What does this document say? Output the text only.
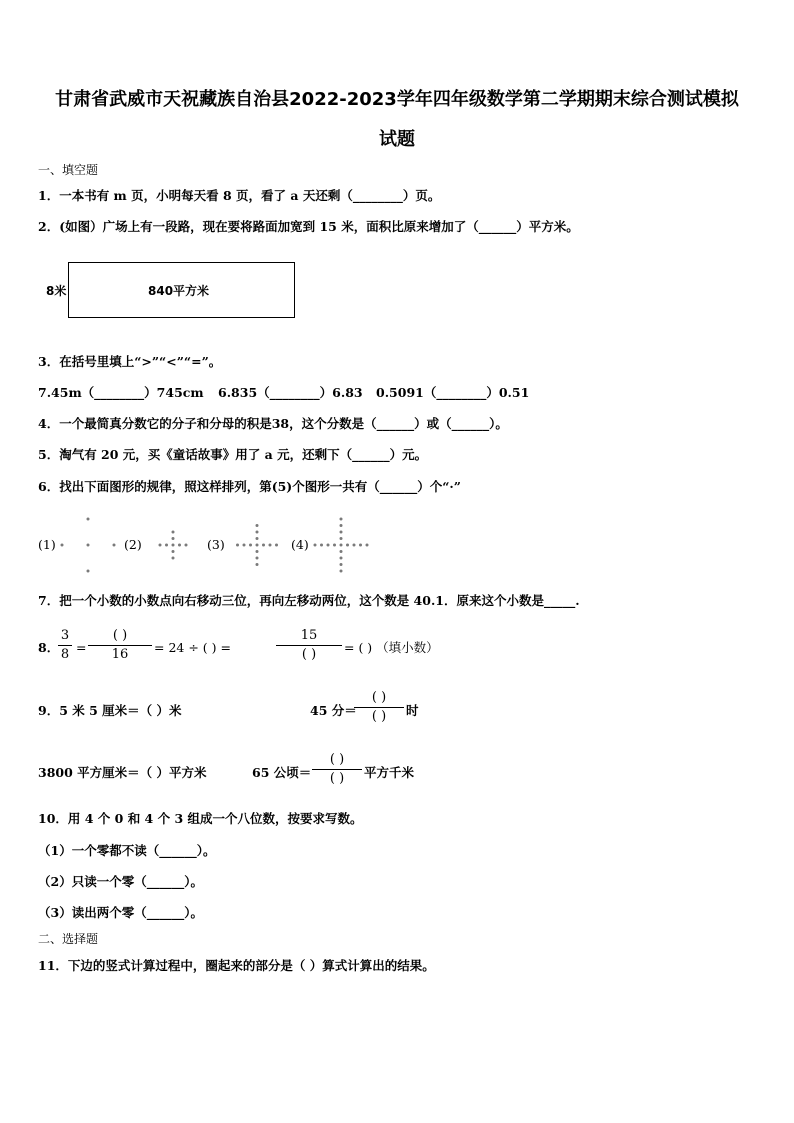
甘肃省武威市天祝藏族自治县2022-2023学年四年级数学第二学期期末综合测试模拟
试题
一、填空题
1．一本书有 m 页，小明每天看 8 页，看了 a 天还剩（________）页。
2．(如图）广场上有一段路，现在要将路面加宽到 15 米，面积比原来增加了（______）平方米。
8米	840平方米
3．在括号里填上“>”“<”“=”。
7.45m（________）745cm 6.835（________）6.83 0.5091（________）0.51
4．一个最简真分数它的分子和分母的积是38，这个分数是（______）或（______）。
5．淘气有 20 元，买《童话故事》用了 a 元，还剩下（______）元。
6．找出下面图形的规律，照这样排列，第(5)个图形一共有（______）个“·”
(1)	(2)	(3)	(4)
7．把一个小数的小数点向右移动三位，再向左移动两位，这个数是 40.1．原来这个小数是_____.
8．
3
8 =
( )
16	= 24 ÷ ( ) =
15
( )	= ( ) （填小数）
9．5 米 5 厘米＝（ ）米	45 分＝
( )
( )	时
3800 平方厘米＝（ ）平方米	65 公顷＝
( )
( )	平方千米
10．用 4 个 0 和 4 个 3 组成一个八位数，按要求写数。
（1）一个零都不读（______）。
（2）只读一个零（______）。
（3）读出两个零（______）。
二、选择题
11．下边的竖式计算过程中，圈起来的部分是（ ）算式计算出的结果。
